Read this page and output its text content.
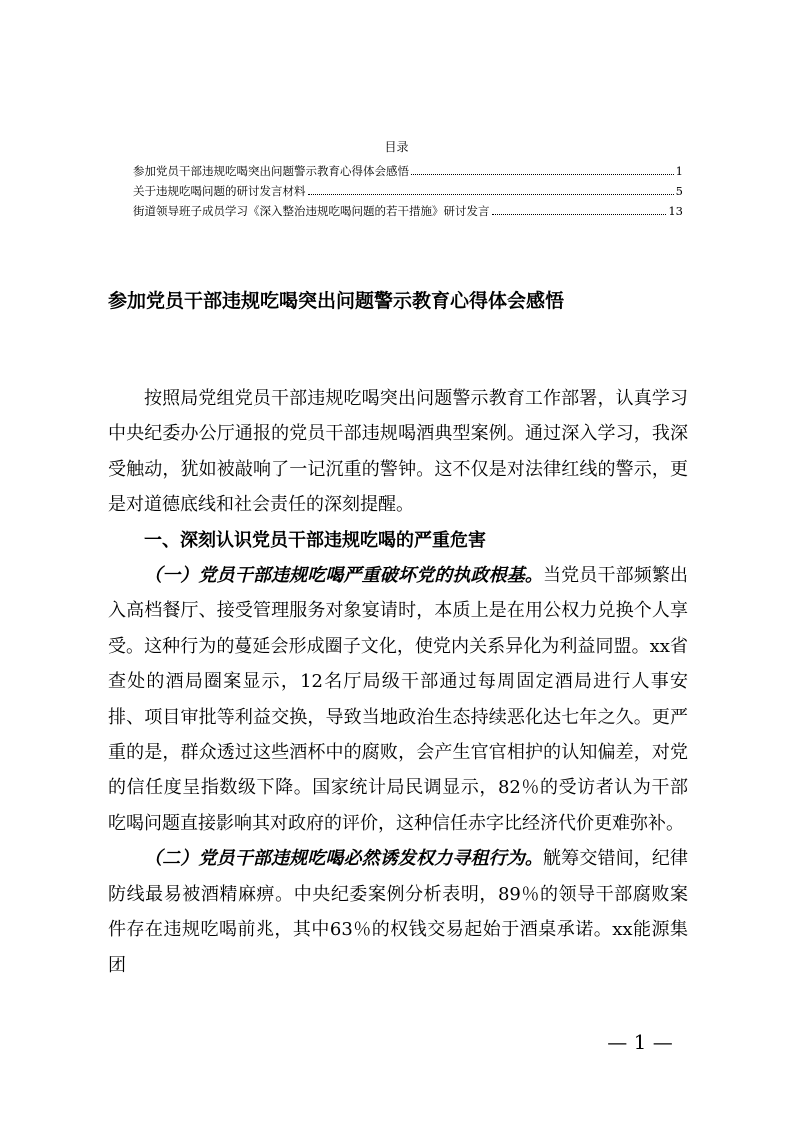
目录
参加党员干部违规吃喝突出问题警示教育心得体会感悟	1
关于违规吃喝问题的研讨发言材料	5
街道领导班子成员学习《深入整治违规吃喝问题的若干措施》研讨发言	13
参加党员干部违规吃喝突出问题警示教育心得体会感悟

按照局党组党员干部违规吃喝突出问题警示教育工作部署，认真学习中央纪委办公厅通报的党员干部违规喝酒典型案例。通过深入学习，我深受触动，犹如被敲响了一记沉重的警钟。这不仅是对法律红线的警示，更是对道德底线和社会责任的深刻提醒。

一、深刻认识党员干部违规吃喝的严重危害

（一）党员干部违规吃喝严重破坏党的执政根基。当党员干部频繁出入高档餐厅、接受管理服务对象宴请时，本质上是在用公权力兑换个人享受。这种行为的蔓延会形成圈子文化，使党内关系异化为利益同盟。xx省查处的酒局圈案显示，12名厅局级干部通过每周固定酒局进行人事安排、项目审批等利益交换，导致当地政治生态持续恶化达七年之久。更严重的是，群众透过这些酒杯中的腐败，会产生官官相护的认知偏差，对党的信任度呈指数级下降。国家统计局民调显示，82％的受访者认为干部吃喝问题直接影响其对政府的评价，这种信任赤字比经济代价更难弥补。

（二）党员干部违规吃喝必然诱发权力寻租行为。觥筹交错间，纪律防线最易被酒精麻痹。中央纪委案例分析表明，89％的领导干部腐败案件存在违规吃喝前兆，其中63％的权钱交易起始于酒桌承诺。xx能源集团

— 1 —
